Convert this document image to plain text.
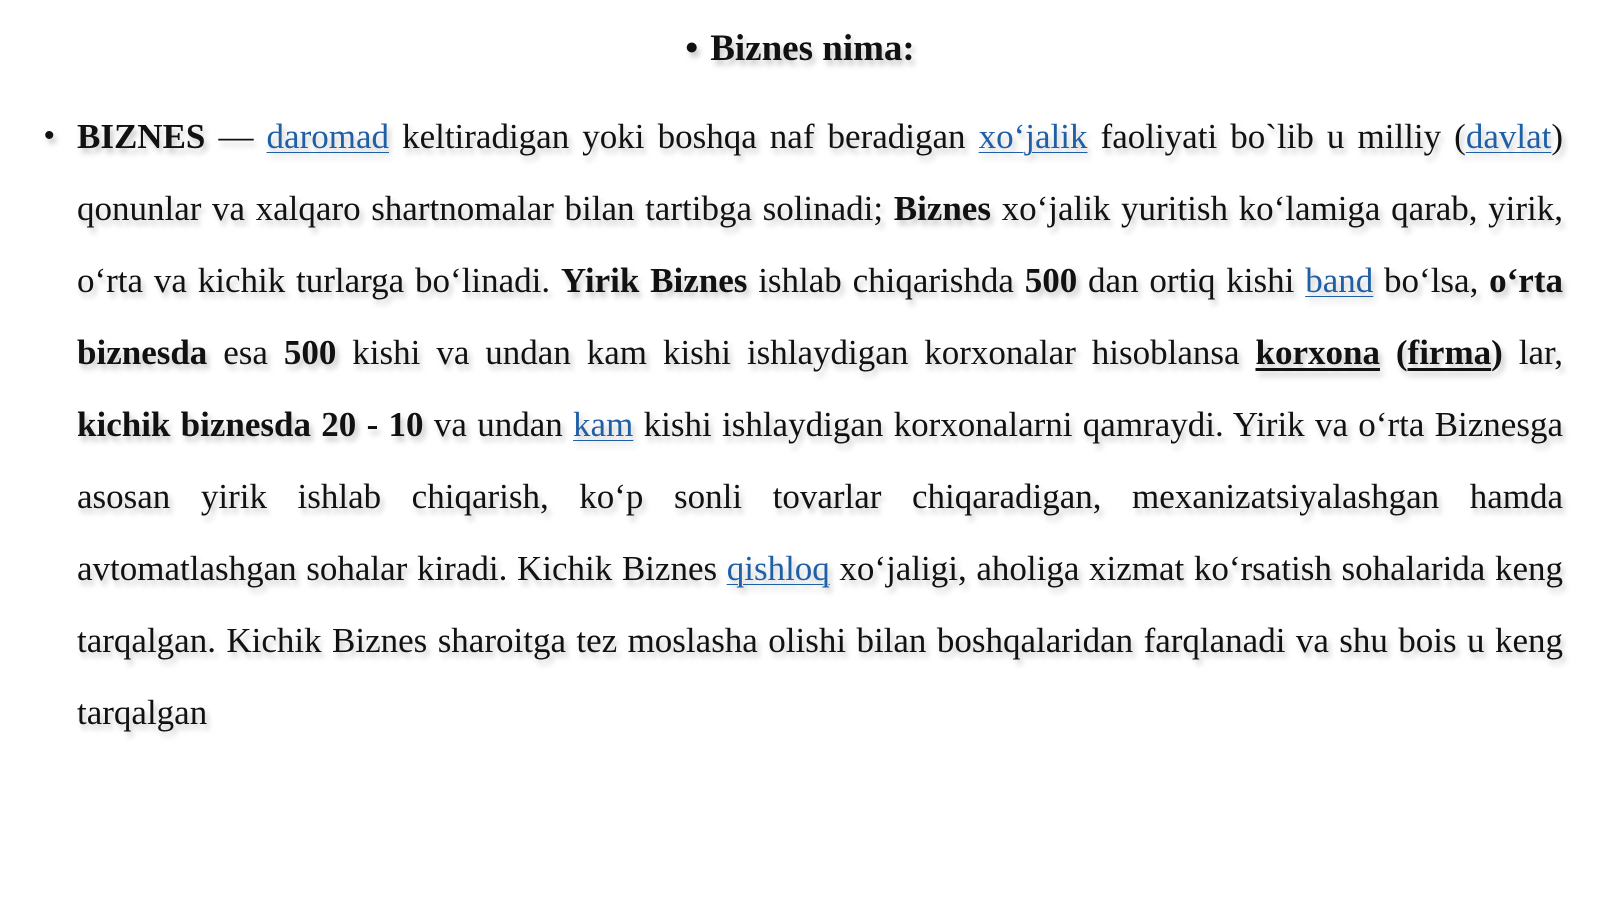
• Biznes nima:
• BIZNES — daromad keltiradigan yoki boshqa naf beradigan xo‘jalik faoliyati bo`lib u milliy (davlat) qonunlar va xalqaro shartnomalar bilan tartibga solinadi; Biznes xo‘jalik yuritish ko‘lamiga qarab, yirik, o‘rta va kichik turlarga bo‘linadi. Yirik Biznes ishlab chiqarishda 500 dan ortiq kishi band bo‘lsa, o‘rta biznesda esa 500 kishi va undan kam kishi ishlaydigan korxonalar hisoblansa korxona (firma) lar, kichik biznesda 20 - 10 va undan kam kishi ishlaydigan korxonalarni qamraydi. Yirik va o‘rta Biznesga asosan yirik ishlab chiqarish, ko‘p sonli tovarlar chiqaradigan, mexanizatsiyalashgan hamda avtomatlashgan sohalar kiradi. Kichik Biznes qishloq xo‘jaligi, aholiga xizmat ko‘rsatish sohalarida keng tarqalgan. Kichik Biznes sharoitga tez moslasha olishi bilan boshqalaridan farqlanadi va shu bois u keng tarqalgan
